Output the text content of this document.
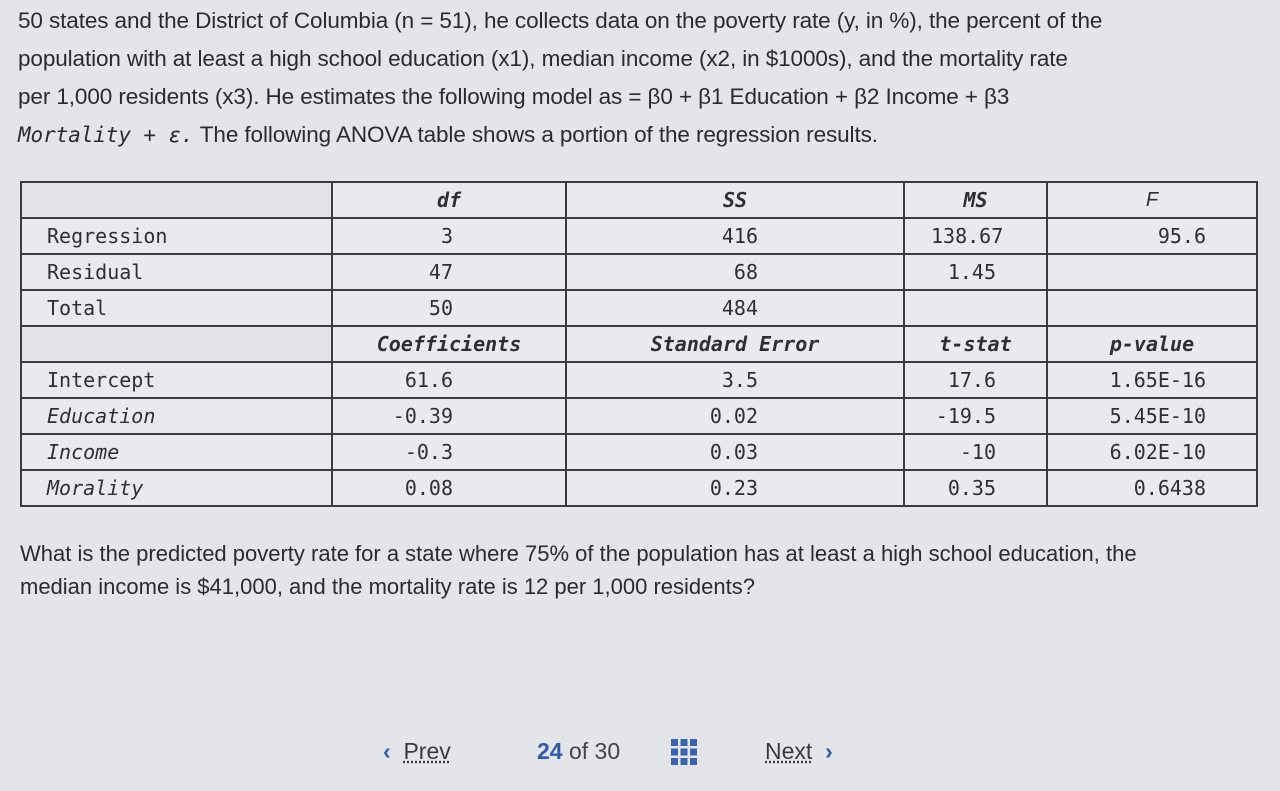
50 states and the District of Columbia (n = 51), he collects data on the poverty rate (y, in %), the percent of the
population with at least a high school education (x1), median income (x2, in $1000s), and the mortality rate
per 1,000 residents (x3). He estimates the following model as = β0 + β1 Education + β2 Income + β3
Mortality + ε. The following ANOVA table shows a portion of the regression results.
	df	SS	MS	F
Regression	3	416	138.67	95.6
Residual	47	68	1.45	
Total	50	484		
	Coefficients	Standard Error	t-stat	p-value
Intercept	61.6	3.5	17.6	1.65E-16
Education	-0.39	0.02	-19.5	5.45E-10
Income	-0.3	0.03	-10	6.02E-10
Morality	0.08	0.23	0.35	0.6438
What is the predicted poverty rate for a state where 75% of the population has at least a high school education, the median income is $41,000, and the mortality rate is 12 per 1,000 residents?
‹ Prev	24 of 30	Next ›
